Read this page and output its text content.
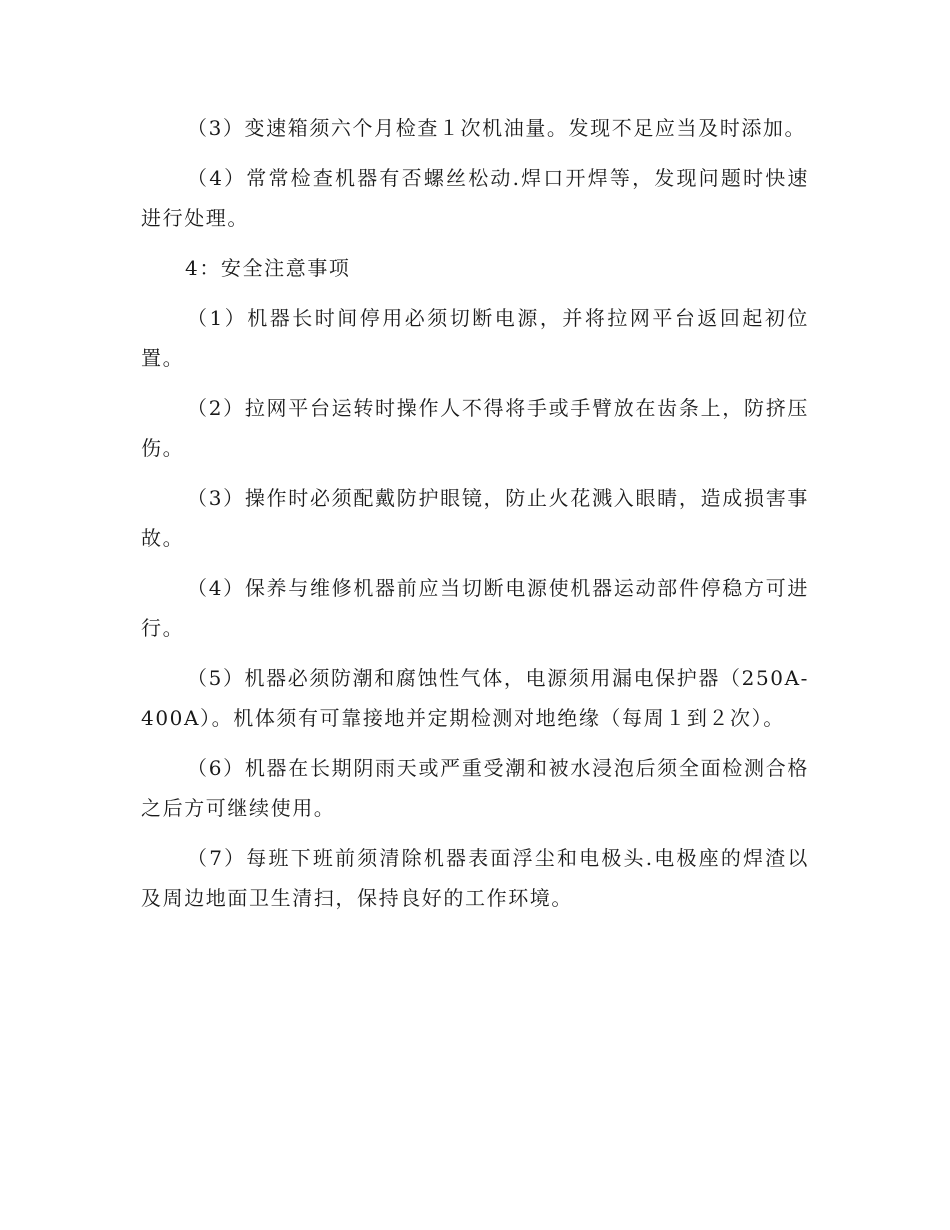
（3）变速箱须六个月检查１次机油量。发现不足应当及时添加。

（4）常常检查机器有否螺丝松动.焊口开焊等，发现问题时快速进行处理。

4：安全注意事项

（1）机器长时间停用必须切断电源，并将拉网平台返回起初位置。

（2）拉网平台运转时操作人不得将手或手臂放在齿条上，防挤压伤。

（3）操作时必须配戴防护眼镜，防止火花溅入眼睛，造成损害事故。

（4）保养与维修机器前应当切断电源使机器运动部件停稳方可进行。

（5）机器必须防潮和腐蚀性气体，电源须用漏电保护器（250A-400A）。机体须有可靠接地并定期检测对地绝缘（每周１到２次）。

（6）机器在长期阴雨天或严重受潮和被水浸泡后须全面检测合格之后方可继续使用。

（7）每班下班前须清除机器表面浮尘和电极头.电极座的焊渣以及周边地面卫生清扫，保持良好的工作环境。
